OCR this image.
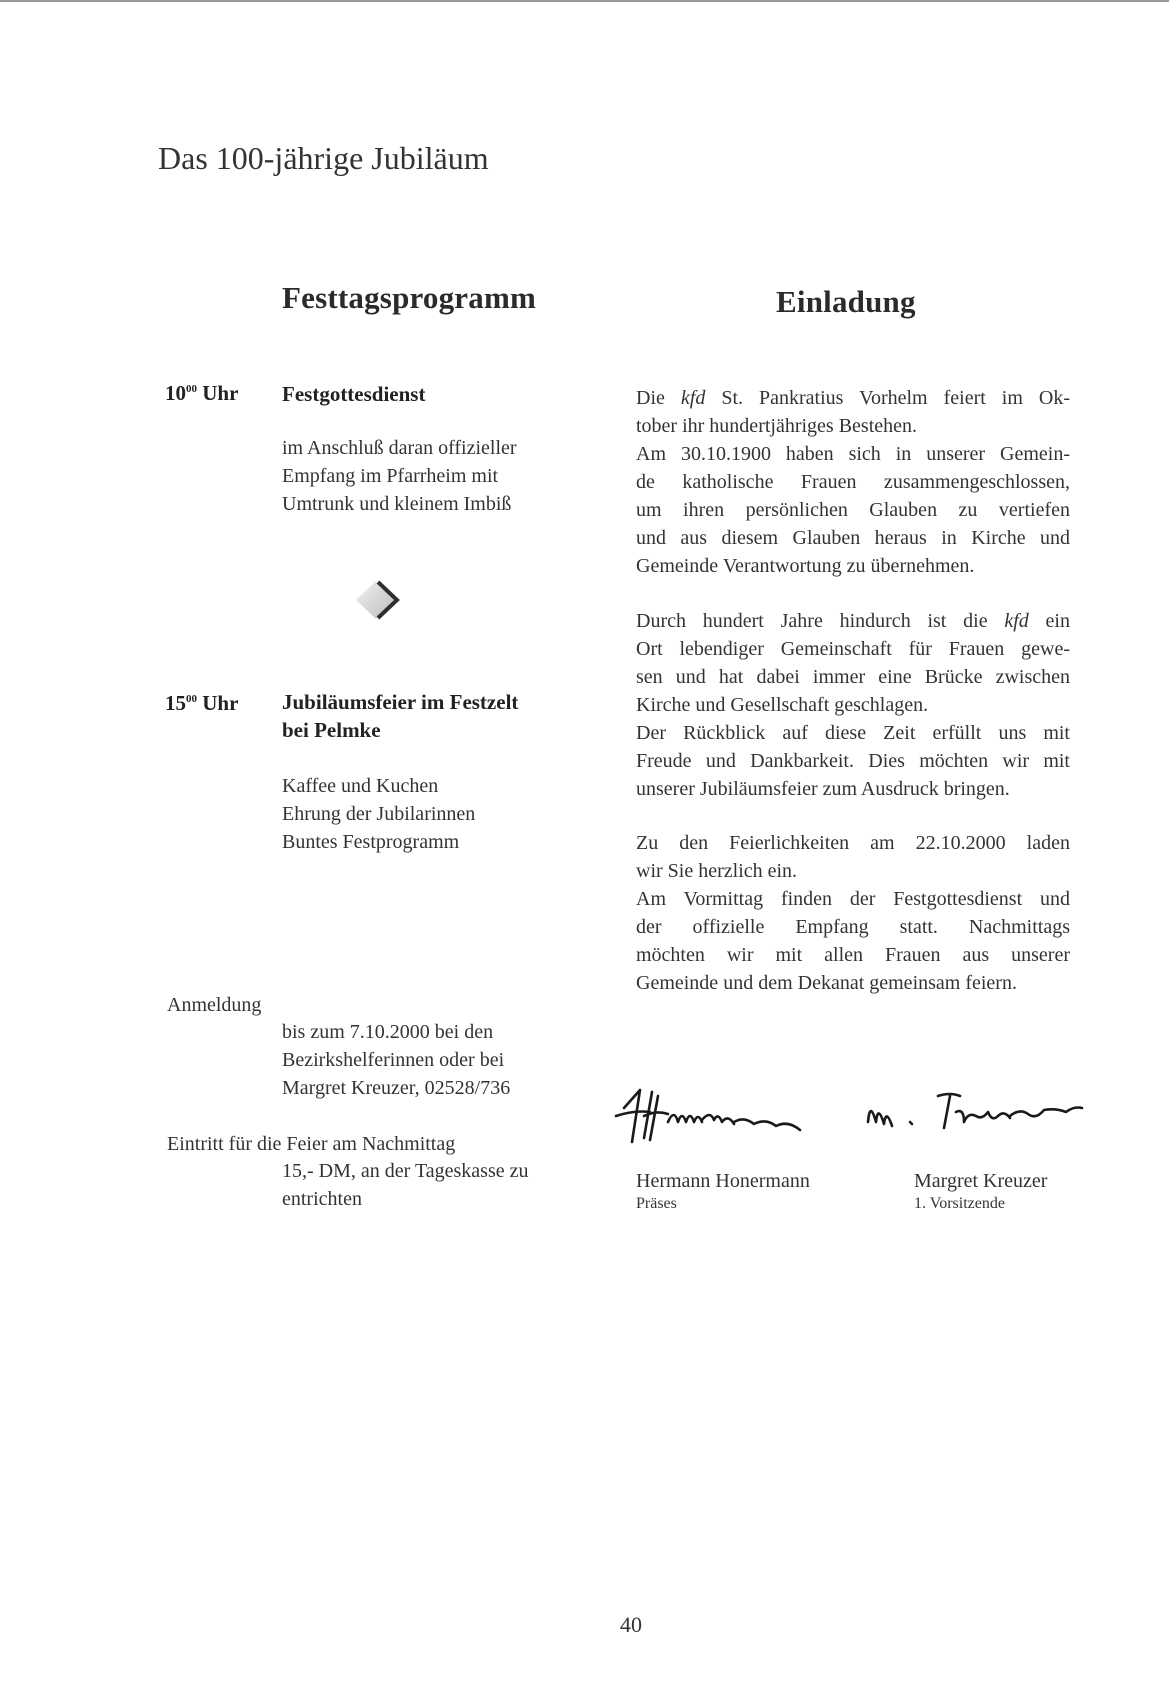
Das 100-jährige Jubiläum
Festtagsprogramm	Einladung
$10^{00}$ Uhr Festgottesdienst
im Anschluß daran offizieller
Empfang im Pfarrheim mit
Umtrunk und kleinem Imbiß
$15^{00}$ Uhr Jubiläumsfeier im Festzelt
bei Pelmke
Kaffee und Kuchen
Ehrung der Jubilarinnen
Buntes Festprogramm
Anmeldung
bis zum 7.10.2000 bei den
Bezirkshelferinnen oder bei
Margret Kreuzer, 02528/736
Eintritt für die Feier am Nachmittag
15,- DM, an der Tageskasse zu
entrichten
Die kfd St. Pankratius Vorhelm feiert im Ok-
tober ihr hundertjähriges Bestehen.
Am 30.10.1900 haben sich in unserer Gemein-
de katholische Frauen zusammengeschlossen,
um ihren persönlichen Glauben zu vertiefen
und aus diesem Glauben heraus in Kirche und
Gemeinde Verantwortung zu übernehmen.
Durch hundert Jahre hindurch ist die kfd ein
Ort lebendiger Gemeinschaft für Frauen gewe-
sen und hat dabei immer eine Brücke zwischen
Kirche und Gesellschaft geschlagen.
Der Rückblick auf diese Zeit erfüllt uns mit
Freude und Dankbarkeit. Dies möchten wir mit
unserer Jubiläumsfeier zum Ausdruck bringen.
Zu den Feierlichkeiten am 22.10.2000 laden
wir Sie herzlich ein.
Am Vormittag finden der Festgottesdienst und
der offizielle Empfang statt. Nachmittags
möchten wir mit allen Frauen aus unserer
Gemeinde und dem Dekanat gemeinsam feiern.
Hermann Honermann
Präses
Margret Kreuzer
1. Vorsitzende
40
